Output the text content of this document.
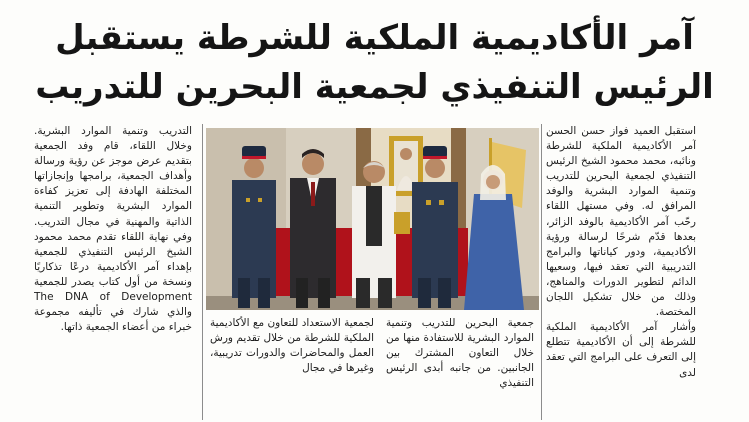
آمر الأكاديمية الملكية للشرطة يستقبل
الرئيس التنفيذي لجمعية البحرين للتدريب

استقبل العميد فواز حسن الحسن آمر الأكاديمية الملكية للشرطة ونائبه، محمد محمود الشيخ الرئيس التنفيذي لجمعية البحرين للتدريب وتنمية الموارد البشرية والوفد المرافق له. وفي مستهل اللقاء رحّب آمر الأكاديمية بالوفد الزائر، بعدها قدّم شرحًا لرسالة ورؤية الأكاديمية، ودور كياناتها والبرامج التدريبية التي تعقد فيها، وسعيها الدائم لتطوير الدورات والمناهج، وذلك من خلال تشكيل اللجان المختصة.

وأشار آمر الأكاديمية الملكية للشرطة إلى أن الأكاديمية تتطلع إلى التعرف على البرامج التي تعقد لدى

جمعية البحرين للتدريب وتنمية الموارد البشرية للاستفادة منها من خلال التعاون المشترك بين الجانبين. من جانبه أبدى الرئيس التنفيذي
لجمعية الاستعداد للتعاون مع الأكاديمية الملكية للشرطة من خلال تقديم ورش العمل والمحاضرات والدورات تدريبية، وغيرها في مجال
التدريب وتنمية الموارد البشرية. وخلال اللقاء، قام وفد الجمعية بتقديم عرض موجز عن رؤية ورسالة وأهداف الجمعية، برامجها وإنجازاتها المختلفة الهادفة إلى تعزيز كفاءة الموارد البشرية وتطوير التنمية الذاتية والمهنية في مجال التدريب. وفي نهاية اللقاء تقدم محمد محمود الشيخ الرئيس التنفيذي للجمعية بإهداء آمر الأكاديمية درعًا تذكاريًا ونسخة من أول كتاب يصدر للجمعية The DNA of Development والذي شارك في تأليفه مجموعة خبراء من أعضاء الجمعية ذاتها.
